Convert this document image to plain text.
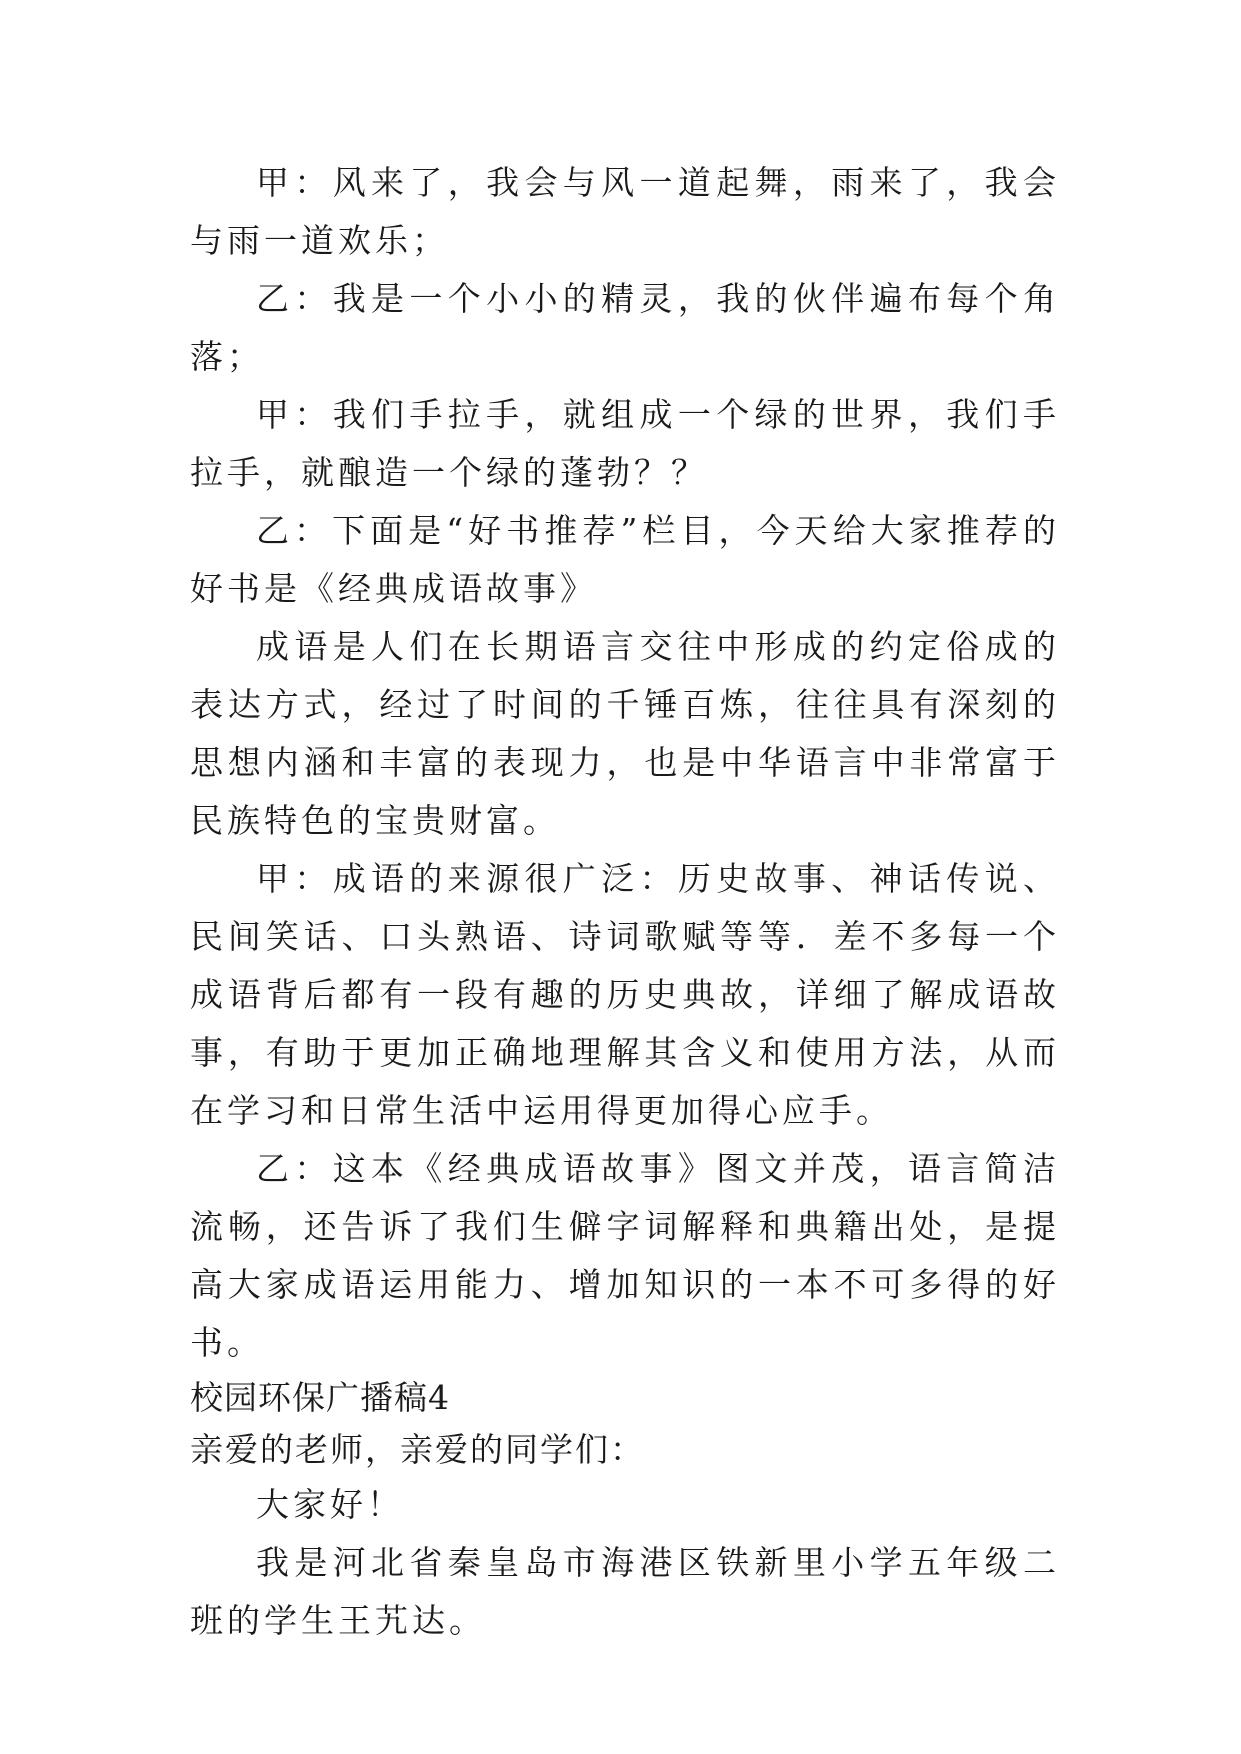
甲：风来了，我会与风一道起舞，雨来了，我会与雨一道欢乐；

乙：我是一个小小的精灵，我的伙伴遍布每个角落；

甲：我们手拉手，就组成一个绿的世界，我们手拉手，就酿造一个绿的蓬勃？？

乙：下面是“好书推荐”栏目，今天给大家推荐的好书是《经典成语故事》

成语是人们在长期语言交往中形成的约定俗成的表达方式，经过了时间的千锤百炼，往往具有深刻的思想内涵和丰富的表现力，也是中华语言中非常富于民族特色的宝贵财富。

甲：成语的来源很广泛：历史故事、神话传说、民间笑话、口头熟语、诗词歌赋等等．差不多每一个成语背后都有一段有趣的历史典故，详细了解成语故事，有助于更加正确地理解其含义和使用方法，从而在学习和日常生活中运用得更加得心应手。

乙：这本《经典成语故事》图文并茂，语言简洁流畅，还告诉了我们生僻字词解释和典籍出处，是提高大家成语运用能力、增加知识的一本不可多得的好书。

校园环保广播稿4

亲爱的老师，亲爱的同学们：

大家好！

我是河北省秦皇岛市海港区铁新里小学五年级二班的学生王艽达。
